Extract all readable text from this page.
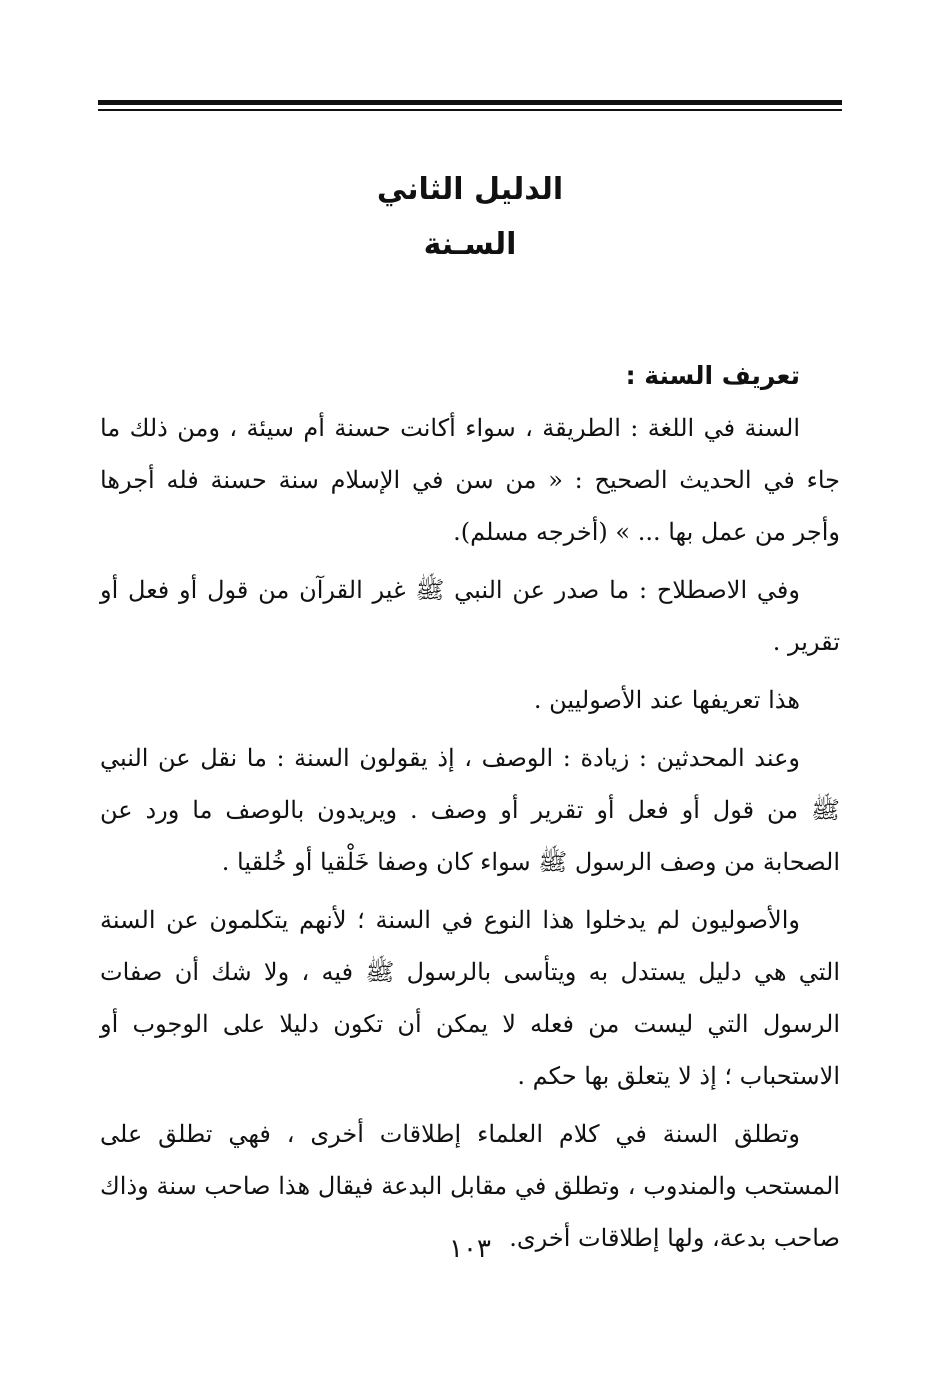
الدليل الثاني
السـنة
تعريف السنة :

السنة في اللغة : الطريقة ، سواء أكانت حسنة أم سيئة ، ومن ذلك ما جاء في الحديث الصحيح : « من سن في الإسلام سنة حسنة فله أجرها وأجر من عمل بها ... » (أخرجه مسلم).

وفي الاصطلاح : ما صدر عن النبي ﷺ غير القرآن من قول أو فعل أو تقرير .

هذا تعريفها عند الأصوليين .

وعند المحدثين : زيادة : الوصف ، إذ يقولون السنة : ما نقل عن النبي ﷺ من قول أو فعل أو تقرير أو وصف . ويريدون بالوصف ما ورد عن الصحابة من وصف الرسول ﷺ سواء كان وصفا خَلْقيا أو خُلقيا .

والأصوليون لم يدخلوا هذا النوع في السنة ؛ لأنهم يتكلمون عن السنة التي هي دليل يستدل به ويتأسى بالرسول ﷺ فيه ، ولا شك أن صفات الرسول التي ليست من فعله لا يمكن أن تكون دليلا على الوجوب أو الاستحباب ؛ إذ لا يتعلق بها حكم .

وتطلق السنة في كلام العلماء إطلاقات أخرى ، فهي تطلق على المستحب والمندوب ، وتطلق في مقابل البدعة فيقال هذا صاحب سنة وذاك صاحب بدعة، ولها إطلاقات أخرى.

١٠٣
